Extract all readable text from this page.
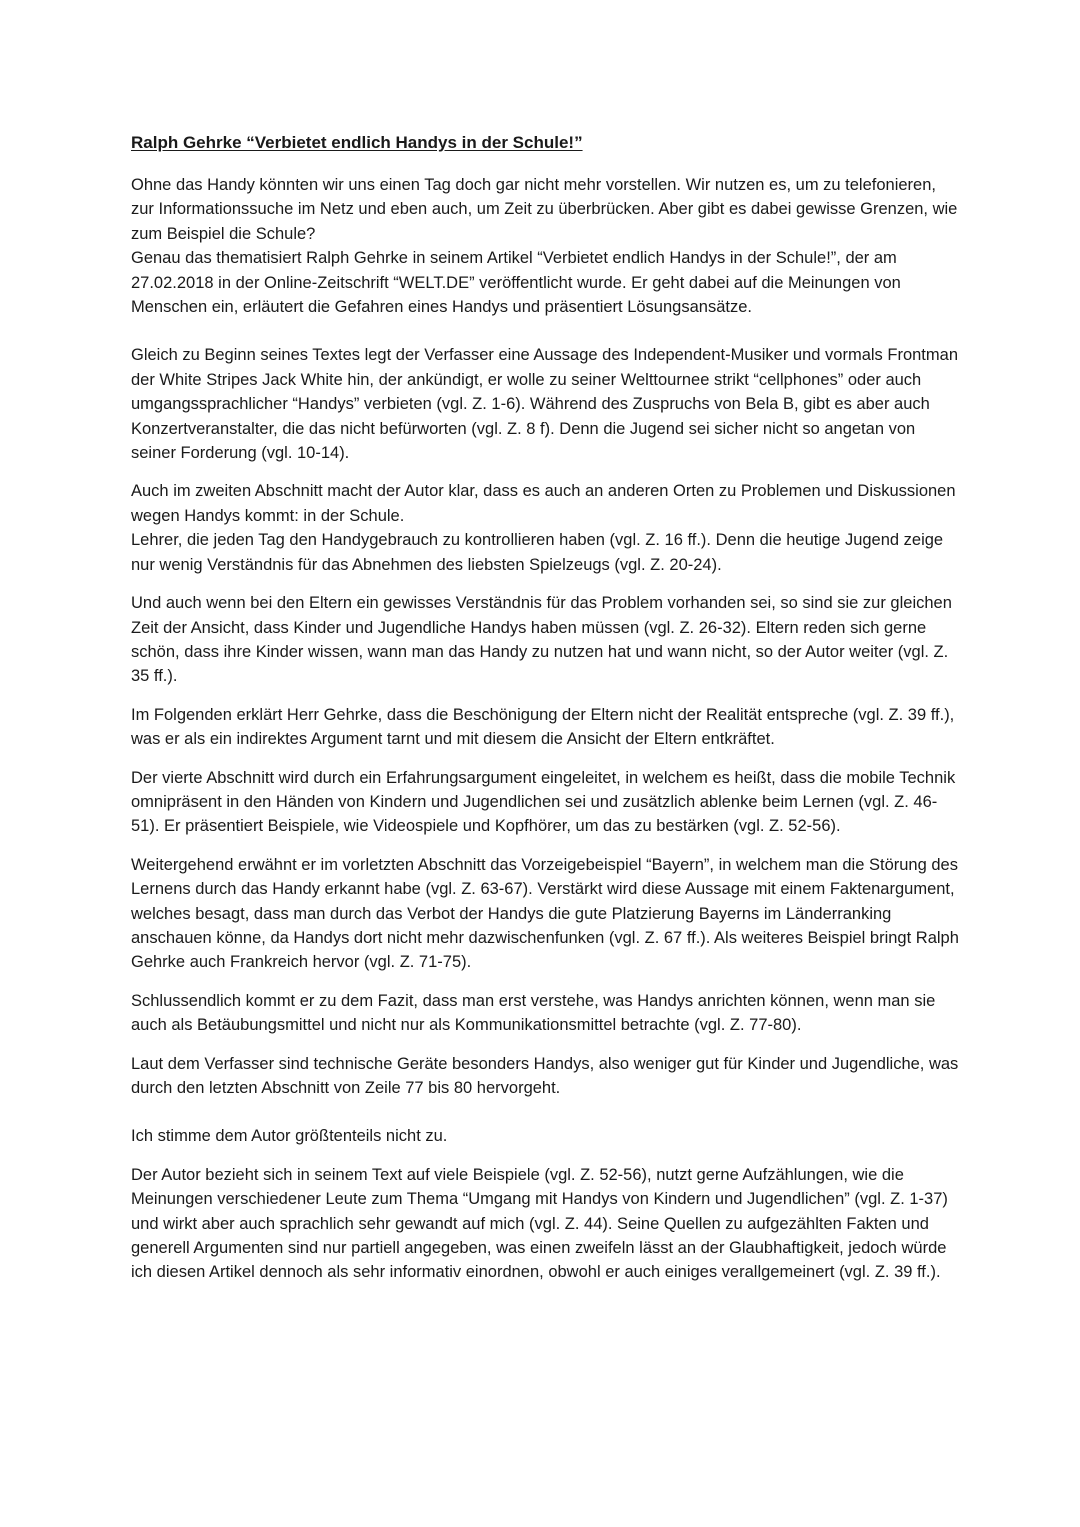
Ralph Gehrke “Verbietet endlich Handys in der Schule!”

Ohne das Handy könnten wir uns einen Tag doch gar nicht mehr vorstellen. Wir nutzen es, um zu telefonieren, zur Informationssuche im Netz und eben auch, um Zeit zu überbrücken. Aber gibt es dabei gewisse Grenzen, wie zum Beispiel die Schule?
Genau das thematisiert Ralph Gehrke in seinem Artikel “Verbietet endlich Handys in der Schule!”, der am 27.02.2018 in der Online-Zeitschrift “WELT.DE” veröffentlicht wurde. Er geht dabei auf die Meinungen von Menschen ein, erläutert die Gefahren eines Handys und präsentiert Lösungsansätze.

Gleich zu Beginn seines Textes legt der Verfasser eine Aussage des Independent-Musiker und vormals Frontman der White Stripes Jack White hin, der ankündigt, er wolle zu seiner Welttournee strikt “cellphones” oder auch umgangssprachlicher “Handys” verbieten (vgl. Z. 1-6). Während des Zuspruchs von Bela B, gibt es aber auch Konzertveranstalter, die das nicht befürworten (vgl. Z. 8 f). Denn die Jugend sei sicher nicht so angetan von seiner Forderung (vgl. 10-14).

Auch im zweiten Abschnitt macht der Autor klar, dass es auch an anderen Orten zu Problemen und Diskussionen wegen Handys kommt: in der Schule.
Lehrer, die jeden Tag den Handygebrauch zu kontrollieren haben (vgl. Z. 16 ff.). Denn die heutige Jugend zeige nur wenig Verständnis für das Abnehmen des liebsten Spielzeugs (vgl. Z. 20-24).

Und auch wenn bei den Eltern ein gewisses Verständnis für das Problem vorhanden sei, so sind sie zur gleichen Zeit der Ansicht, dass Kinder und Jugendliche Handys haben müssen (vgl. Z. 26-32). Eltern reden sich gerne schön, dass ihre Kinder wissen, wann man das Handy zu nutzen hat und wann nicht, so der Autor weiter (vgl. Z. 35 ff.).

Im Folgenden erklärt Herr Gehrke, dass die Beschönigung der Eltern nicht der Realität entspreche (vgl. Z. 39 ff.), was er als ein indirektes Argument tarnt und mit diesem die Ansicht der Eltern entkräftet.

Der vierte Abschnitt wird durch ein Erfahrungsargument eingeleitet, in welchem es heißt, dass die mobile Technik omnipräsent in den Händen von Kindern und Jugendlichen sei und zusätzlich ablenke beim Lernen (vgl. Z. 46-51). Er präsentiert Beispiele, wie Videospiele und Kopfhörer, um das zu bestärken (vgl. Z. 52-56).

Weitergehend erwähnt er im vorletzten Abschnitt das Vorzeigebeispiel “Bayern”, in welchem man die Störung des Lernens durch das Handy erkannt habe (vgl. Z. 63-67). Verstärkt wird diese Aussage mit einem Faktenargument, welches besagt, dass man durch das Verbot der Handys die gute Platzierung Bayerns im Länderranking anschauen könne, da Handys dort nicht mehr dazwischenfunken (vgl. Z. 67 ff.). Als weiteres Beispiel bringt Ralph Gehrke auch Frankreich hervor (vgl. Z. 71-75).

Schlussendlich kommt er zu dem Fazit, dass man erst verstehe, was Handys anrichten können, wenn man sie auch als Betäubungsmittel und nicht nur als Kommunikationsmittel betrachte (vgl. Z. 77-80).

Laut dem Verfasser sind technische Geräte besonders Handys, also weniger gut für Kinder und Jugendliche, was durch den letzten Abschnitt von Zeile 77 bis 80 hervorgeht.

Ich stimme dem Autor größtenteils nicht zu.

Der Autor bezieht sich in seinem Text auf viele Beispiele (vgl. Z. 52-56), nutzt gerne Aufzählungen, wie die Meinungen verschiedener Leute zum Thema “Umgang mit Handys von Kindern und Jugendlichen” (vgl. Z. 1-37) und wirkt aber auch sprachlich sehr gewandt auf mich (vgl. Z. 44). Seine Quellen zu aufgezählten Fakten und generell Argumenten sind nur partiell angegeben, was einen zweifeln lässt an der Glaubhaftigkeit, jedoch würde ich diesen Artikel dennoch als sehr informativ einordnen, obwohl er auch einiges verallgemeinert (vgl. Z. 39 ff.).
